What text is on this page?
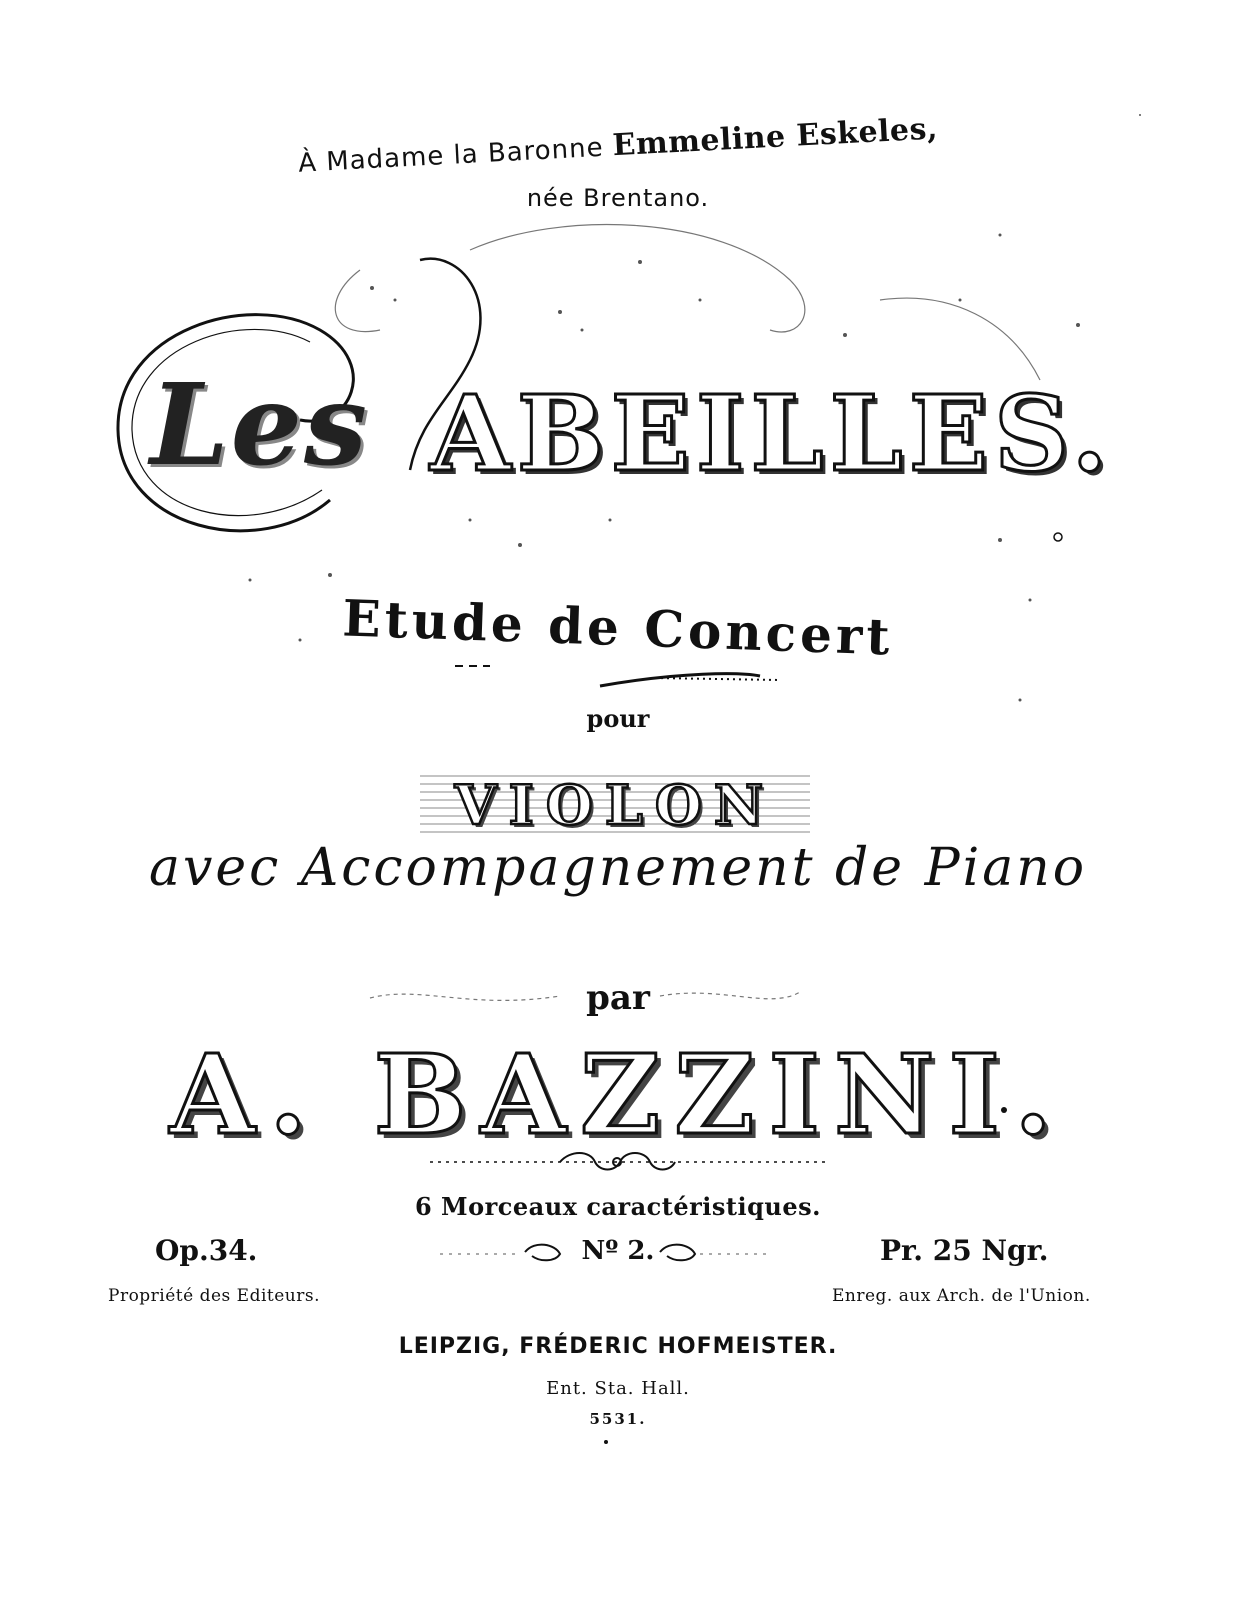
À Madame la Baronne Emmeline Eskeles,
née Brentano.
Les ABEILLES.
Etude de Concert
pour
VIOLON
avec Accompagnement de Piano
par
A. BAZZINI.
6 Morceaux caractéristiques.
Op.34.	Nº 2.	Pr. 25 Ngr.
Propriété des Editeurs.	Enreg. aux Arch. de l'Union.
LEIPZIG, FRÉDERIC HOFMEISTER.
Ent. Sta. Hall.
5531.
